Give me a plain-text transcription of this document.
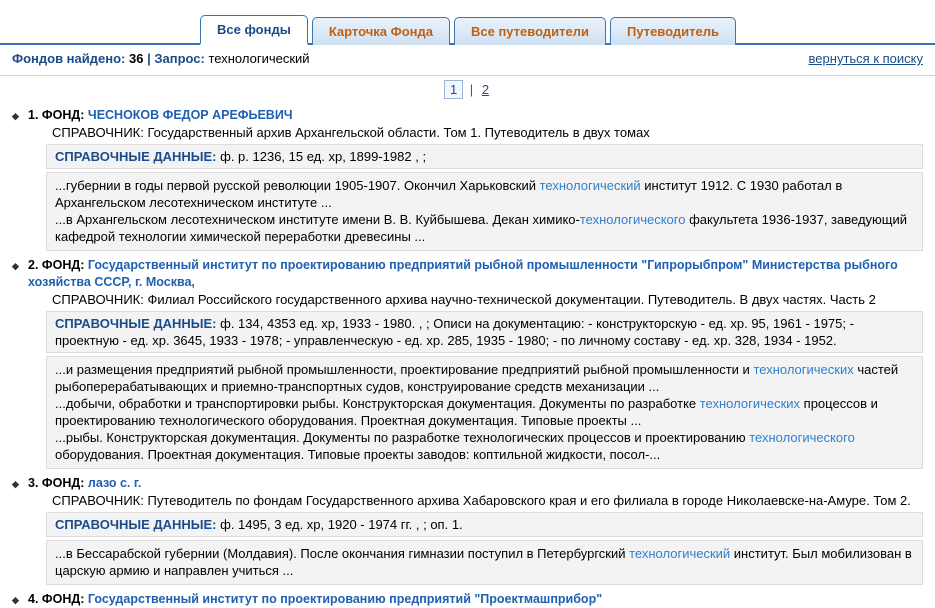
Все фонды	Карточка Фонда	Все путеводители	Путеводитель
Фондов найдено: 36 | Запрос: технологический	вернуться к поиску
1 | 2
◆ 1. ФОНД: ЧЕСНОКОВ ФЕДОР АРЕФЬЕВИЧ
СПРАВОЧНИК: Государственный архив Архангельской области. Том 1. Путеводитель в двух томах
СПРАВОЧНЫЕ ДАННЫЕ: ф. р. 1236, 15 ед. хр, 1899-1982 , ;
...губернии в годы первой русской революции 1905-1907. Окончил Харьковский технологический институт 1912. С 1930 работал в Архангельском лесотехническом институте ...
...в Архангельском лесотехническом институте имени В. В. Куйбышева. Декан химико-технологического факультета 1936-1937, заведующий кафедрой технологии химической переработки древесины ...
◆ 2. ФОНД: Государственный институт по проектированию предприятий рыбной промышленности "Гипрорыбпром" Министерства рыбного хозяйства СССР, г. Москва,
СПРАВОЧНИК: Филиал Российского государственного архива научно-технической документации. Путеводитель. В двух частях. Часть 2
СПРАВОЧНЫЕ ДАННЫЕ: ф. 134, 4353 ед. хр, 1933 - 1980. , ; Описи на документацию: - конструкторскую - ед. хр. 95, 1961 - 1975; - проектную - ед. хр. 3645, 1933 - 1978; - управленческую - ед. хр. 285, 1935 - 1980; - по личному составу - ед. хр. 328, 1934 - 1952.
...и размещения предприятий рыбной промышленности, проектирование предприятий рыбной промышленности и технологических частей рыбоперерабатывающих и приемно-транспортных судов, конструирование средств механизации ...
...добычи, обработки и транспортировки рыбы. Конструкторская документация. Документы по разработке технологических процессов и проектированию технологического оборудования. Проектная документация. Типовые проекты ...
...рыбы. Конструкторская документация. Документы по разработке технологических процессов и проектированию технологического оборудования. Проектная документация. Типовые проекты заводов: коптильной жидкости, посол-...
◆ 3. ФОНД: лазо с. г.
СПРАВОЧНИК: Путеводитель по фондам Государственного архива Хабаровского края и его филиала в городе Николаевске-на-Амуре. Том 2.
СПРАВОЧНЫЕ ДАННЫЕ: ф. 1495, 3 ед. хр, 1920 - 1974 гг. , ; оп. 1.
...в Бессарабской губернии (Молдавия). После окончания гимназии поступил в Петербургский технологический институт. Был мобилизован в царскую армию и направлен учиться ...
◆ 4. ФОНД: Государственный институт по проектированию предприятий "Проектмашприбор"
